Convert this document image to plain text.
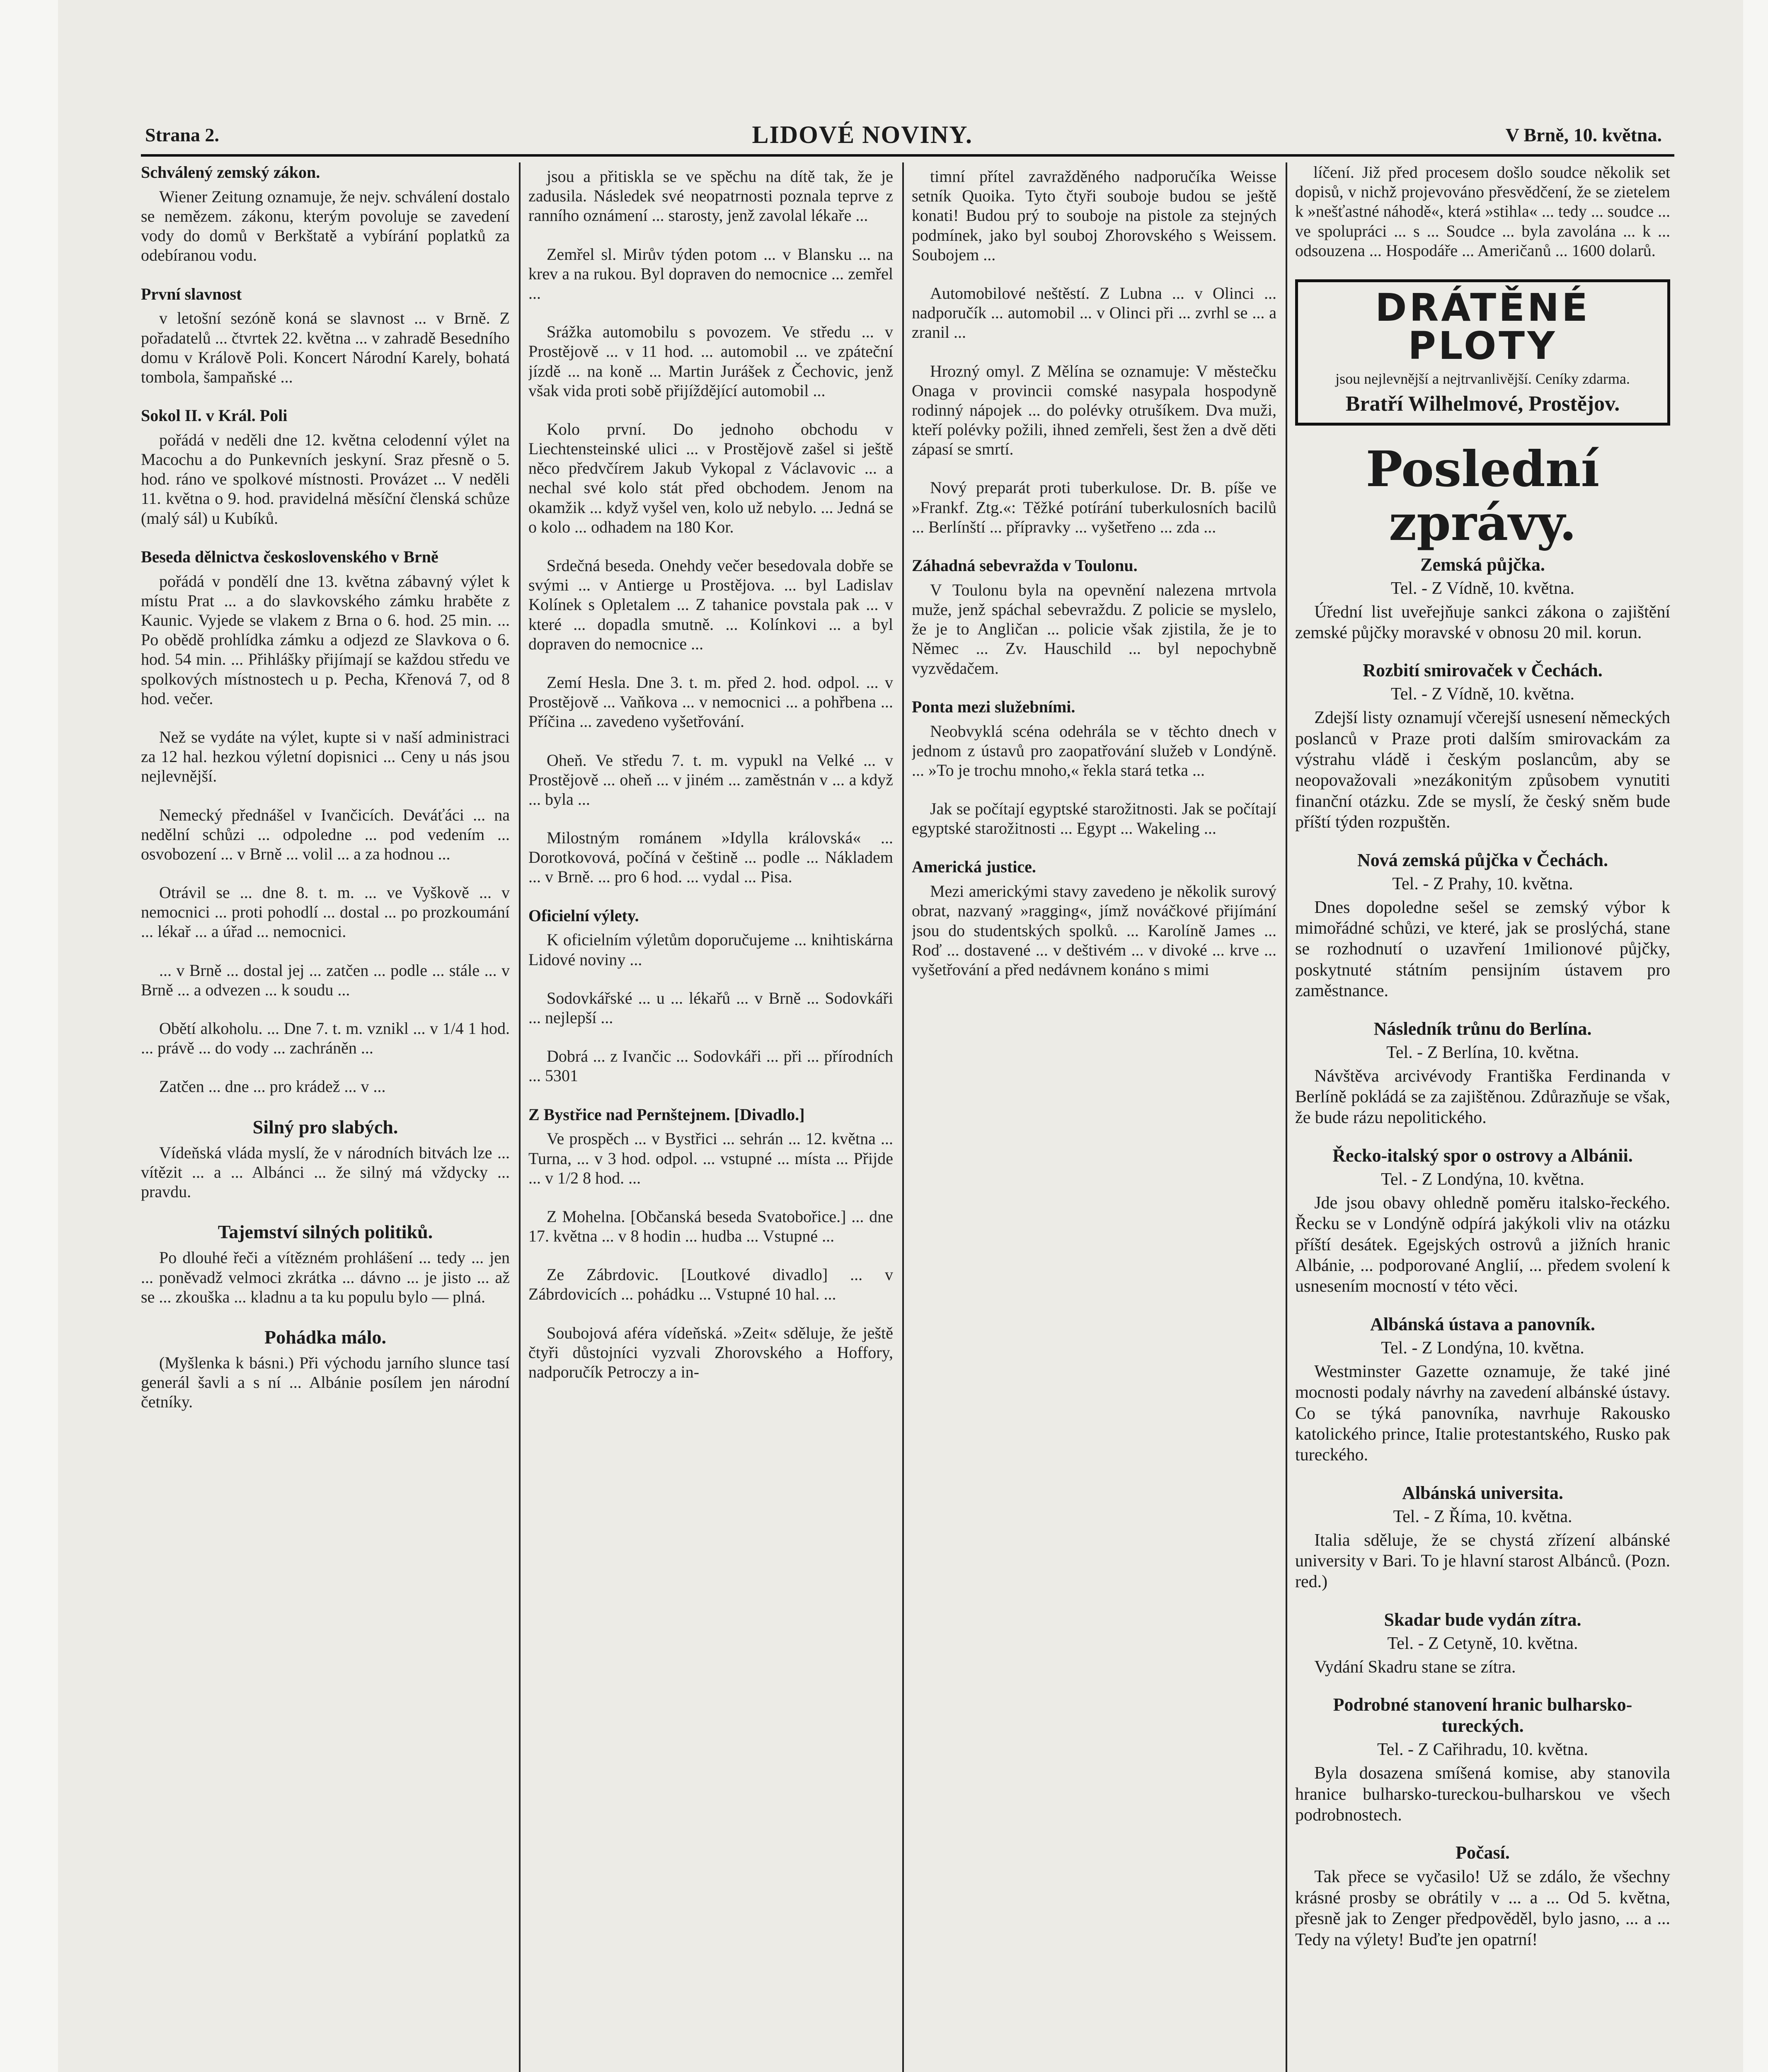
Strana 2.	LIDOVÉ NOVINY.	V Brně, 10. května.
Schválený zemský zákon.

Wiener Zeitung oznamuje, že nejv. schválení dostalo se nemězem. zákonu, kterým povoluje se zavedení vody do domů v Berkštatě a vybírání poplatků za odebíranou vodu.

První slavnost

v letošní sezóně koná se slavnost ... v Brně. Z pořadatelů ... čtvrtek 22. května ... v zahradě Besedního domu v Králově Poli. Koncert Národní Karely, bohatá tombola, šampaňské ...

Sokol II. v Král. Poli

pořádá v neděli dne 12. května celodenní výlet na Macochu a do Punkevních jeskyní. Sraz přesně o 5. hod. ráno ve spolkové místnosti. Provázet ... V neděli 11. května o 9. hod. pravidelná měsíční členská schůze (malý sál) u Kubíků.

Beseda dělnictva československého v Brně

pořádá v pondělí dne 13. května zábavný výlet k místu Prat ... a do slavkovského zámku hraběte z Kaunic. Vyjede se vlakem z Brna o 6. hod. 25 min. ... Po obědě prohlídka zámku a odjezd ze Slavkova o 6. hod. 54 min. ... Přihlášky přijímají se každou středu ve spolkových místnostech u p. Pecha, Křenová 7, od 8 hod. večer.

Než se vydáte na výlet, kupte si v naší administraci za 12 hal. hezkou výletní dopisnici ... Ceny u nás jsou nejlevnější.

Nemecký přednášel v Ivančicích. Deváťáci ... na nedělní schůzi ... odpoledne ... pod vedením ... osvobození ... v Brně ... volil ... a za hodnou ...

Otrávil se ... dne 8. t. m. ... ve Vyškově ... v nemocnici ... proti pohodlí ... dostal ... po prozkoumání ... lékař ... a úřad ... nemocnici.

... v Brně ... dostal jej ... zatčen ... podle ... stále ... v Brně ... a odvezen ... k soudu ...

Obětí alkoholu. ... Dne 7. t. m. vznikl ... v 1/4 1 hod. ... právě ... do vody ... zachráněn ...

Zatčen ... dne ... pro krádež ... v ...

Silný pro slabých.

Vídeňská vláda myslí, že v národních bitvách lze ... vítězit ... a ... Albánci ... že silný má vždycky ... pravdu.

Tajemství silných politiků.

Po dlouhé řeči a vítězném prohlášení ... tedy ... jen ... poněvadž velmoci zkrátka ... dávno ... je jisto ... až se ... zkouška ... kladnu a ta ku populu bylo — plná.

Pohádka málo.

(Myšlenka k básni.) Při východu jarního slunce tasí generál šavli a s ní ... Albánie posílem jen národní četníky.

jsou a přitiskla se ve spěchu na dítě tak, že je zadusila. Následek své neopatrnosti poznala teprve z ranního oznámení ... starosty, jenž zavolal lékaře ...

Zemřel sl. Mirův týden potom ... v Blansku ... na krev a na rukou. Byl dopraven do nemocnice ... zemřel ...

Srážka automobilu s povozem. Ve středu ... v Prostějově ... v 11 hod. ... automobil ... ve zpáteční jízdě ... na koně ... Martin Jurášek z Čechovic, jenž však vida proti sobě přijíždějící automobil ...

Kolo první. Do jednoho obchodu v Liechtensteinské ulici ... v Prostějově zašel si ještě něco předvčírem Jakub Vykopal z Václavovic ... a nechal své kolo stát před obchodem. Jenom na okamžik ... když vyšel ven, kolo už nebylo. ... Jedná se o kolo ... odhadem na 180 Kor.

Srdečná beseda. Onehdy večer besedovala dobře se svými ... v Antierge u Prostějova. ... byl Ladislav Kolínek s Opletalem ... Z tahanice povstala pak ... v které ... dopadla smutně. ... Kolínkovi ... a byl dopraven do nemocnice ...

Zemí Hesla. Dne 3. t. m. před 2. hod. odpol. ... v Prostějově ... Vaňkova ... v nemocnici ... a pohřbena ... Příčina ... zavedeno vyšetřování.

Oheň. Ve středu 7. t. m. vypukl na Velké ... v Prostějově ... oheň ... v jiném ... zaměstnán v ... a když ... byla ...

Milostným románem »Idylla královská« ... Dorotkovová, počíná v češtině ... podle ... Nákladem ... v Brně. ... pro 6 hod. ... vydal ... Pisa.

Oficielní výlety.

K oficielním výletům doporučujeme ... knihtiskárna Lidové noviny ...

Sodovkářské ... u ... lékařů ... v Brně ... Sodovkáři ... nejlepší ...

Dobrá ... z Ivančic ... Sodovkáři ... při ... přírodních ... 5301

Z Bystřice nad Pernštejnem. [Divadlo.]

Ve prospěch ... v Bystřici ... sehrán ... 12. května ... Turna, ... v 3 hod. odpol. ... vstupné ... místa ... Přijde ... v 1/2 8 hod. ...

Z Mohelna. [Občanská beseda Svatobořice.] ... dne 17. května ... v 8 hodin ... hudba ... Vstupné ...

Ze Zábrdovic. [Loutkové divadlo] ... v Zábrdovicích ... pohádku ... Vstupné 10 hal. ...

Soubojová aféra vídeňská. »Zeit« sděluje, že ještě čtyři důstojníci vyzvali Zhorovského a Hoffory, nadporučík Petroczy a in-

timní přítel zavražděného nadporučíka Weisse setník Quoika. Tyto čtyři souboje budou se ještě konati! Budou prý to souboje na pistole za stejných podmínek, jako byl souboj Zhorovského s Weissem. Soubojem ...

Automobilové neštěstí. Z Lubna ... v Olinci ... nadporučík ... automobil ... v Olinci při ... zvrhl se ... a zranil ...

Hrozný omyl. Z Mělína se oznamuje: V městečku Onaga v provincii comské nasypala hospodyně rodinný nápojek ... do polévky otrušíkem. Dva muži, kteří polévky požili, ihned zemřeli, šest žen a dvě děti zápasí se smrtí.

Nový preparát proti tuberkulose. Dr. B. píše ve »Frankf. Ztg.«: Těžké potírání tuberkulosních bacilů ... Berlínští ... přípravky ... vyšetřeno ... zda ...

Záhadná sebevražda v Toulonu.

V Toulonu byla na opevnění nalezena mrtvola muže, jenž spáchal sebevraždu. Z policie se myslelo, že je to Angličan ... policie však zjistila, že je to Němec ... Zv. Hauschild ... byl nepochybně vyzvědačem.

Ponta mezi služebními.

Neobvyklá scéna odehrála se v těchto dnech v jednom z ústavů pro zaopatřování služeb v Londýně. ... »To je trochu mnoho,« řekla stará tetka ...

Jak se počítají egyptské starožitnosti. Jak se počítají egyptské starožitnosti ... Egypt ... Wakeling ...

Americká justice.

Mezi americkými stavy zavedeno je několik surový obrat, nazvaný »ragging«, jímž nováčkové přijímání jsou do studentských spolků. ... Karolíně James ... Roď ... dostavené ... v deštivém ... v divoké ... krve ... vyšetřování a před nedávnem konáno s mimi

líčení. Již před procesem došlo soudce několik set dopisů, v nichž projevováno přesvědčení, že se zietelem k »nešťastné náhodě«, která »stihla« ... tedy ... soudce ... ve spolupráci ... s ... Soudce ... byla zavolána ... k ... odsouzena ... Hospodáře ... Američanů ... 1600 dolarů.

DRÁTĚNÉ PLOTY
jsou nejlevnější a nejtrvanlivější. Ceníky zdarma.
Bratří Wilhelmové, Prostějov.
Poslední zprávy.
Zemská půjčka.
Tel. - Z Vídně, 10. května.

Úřední list uveřejňuje sankci zákona o zajištění zemské půjčky moravské v obnosu 20 mil. korun.

Rozbití smirovaček v Čechách.
Tel. - Z Vídně, 10. května.

Zdejší listy oznamují včerejší usnesení německých poslanců v Praze proti dalším smirovackám za výstrahu vládě i českým poslancům, aby se neopovažovali »nezákonitým způsobem vynutiti finanční otázku. Zde se myslí, že český sněm bude příští týden rozpuštěn.

Nová zemská půjčka v Čechách.
Tel. - Z Prahy, 10. května.

Dnes dopoledne sešel se zemský výbor k mimořádné schůzi, ve které, jak se proslýchá, stane se rozhodnutí o uzavření 1milionové půjčky, poskytnuté státním pensijním ústavem pro zaměstnance.

Následník trůnu do Berlína.
Tel. - Z Berlína, 10. května.

Návštěva arcivévody Františka Ferdinanda v Berlíně pokládá se za zajištěnou. Zdůrazňuje se však, že bude rázu nepolitického.

Řecko-italský spor o ostrovy a Albánii.
Tel. - Z Londýna, 10. května.

Jde jsou obavy ohledně poměru italsko-řeckého. Řecku se v Londýně odpírá jakýkoli vliv na otázku příští desátek. Egejských ostrovů a jižních hranic Albánie, ... podporované Anglií, ... předem svolení k usnesením mocností v této věci.

Albánská ústava a panovník.
Tel. - Z Londýna, 10. května.

Westminster Gazette oznamuje, že také jiné mocnosti podaly návrhy na zavedení albánské ústavy. Co se týká panovníka, navrhuje Rakousko katolického prince, Italie protestantského, Rusko pak tureckého.

Albánská universita.
Tel. - Z Říma, 10. května.

Italia sděluje, že se chystá zřízení albánské university v Bari. To je hlavní starost Albánců. (Pozn. red.)

Skadar bude vydán zítra.
Tel. - Z Cetyně, 10. května.

Vydání Skadru stane se zítra.

Podrobné stanovení hranic bulharsko-tureckých.
Tel. - Z Cařihradu, 10. května.

Byla dosazena smíšená komise, aby stanovila hranice bulharsko-tureckou-bulharskou ve všech podrobnostech.

Počasí.

Tak přece se vyčasilo! Už se zdálo, že všechny krásné prosby se obrátily v ... a ... Od 5. května, přesně jak to Zenger předpověděl, bylo jasno, ... a ... Tedy na výlety! Buďte jen opatrní!
